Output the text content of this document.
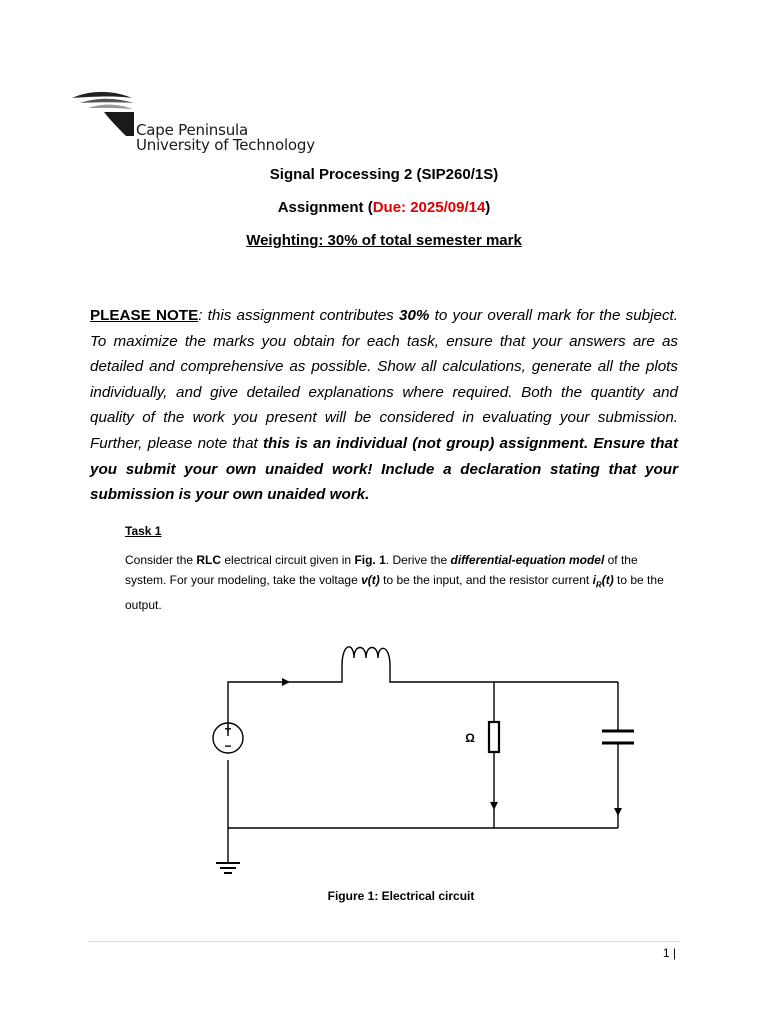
Cape Peninsula
University of Technology
Signal Processing 2 (SIP260/1S)
Assignment (Due: 2025/09/14)
Weighting: 30% of total semester mark
PLEASE NOTE: this assignment contributes 30% to your overall mark for the subject. To maximize the marks you obtain for each task, ensure that your answers are as detailed and comprehensive as possible. Show all calculations, generate all the plots individually, and give detailed explanations where required. Both the quantity and quality of the work you present will be considered in evaluating your submission. Further, please note that this is an individual (not group) assignment. Ensure that you submit your own unaided work! Include a declaration stating that your submission is your own unaided work.
Task 1
Consider the RLC electrical circuit given in Fig. 1. Derive the differential-equation model of the system. For your modeling, take the voltage v(t) to be the input, and the resistor current $i_R(t)$ to be the output.
+
−
Ω
Figure 1: Electrical circuit
1 |
